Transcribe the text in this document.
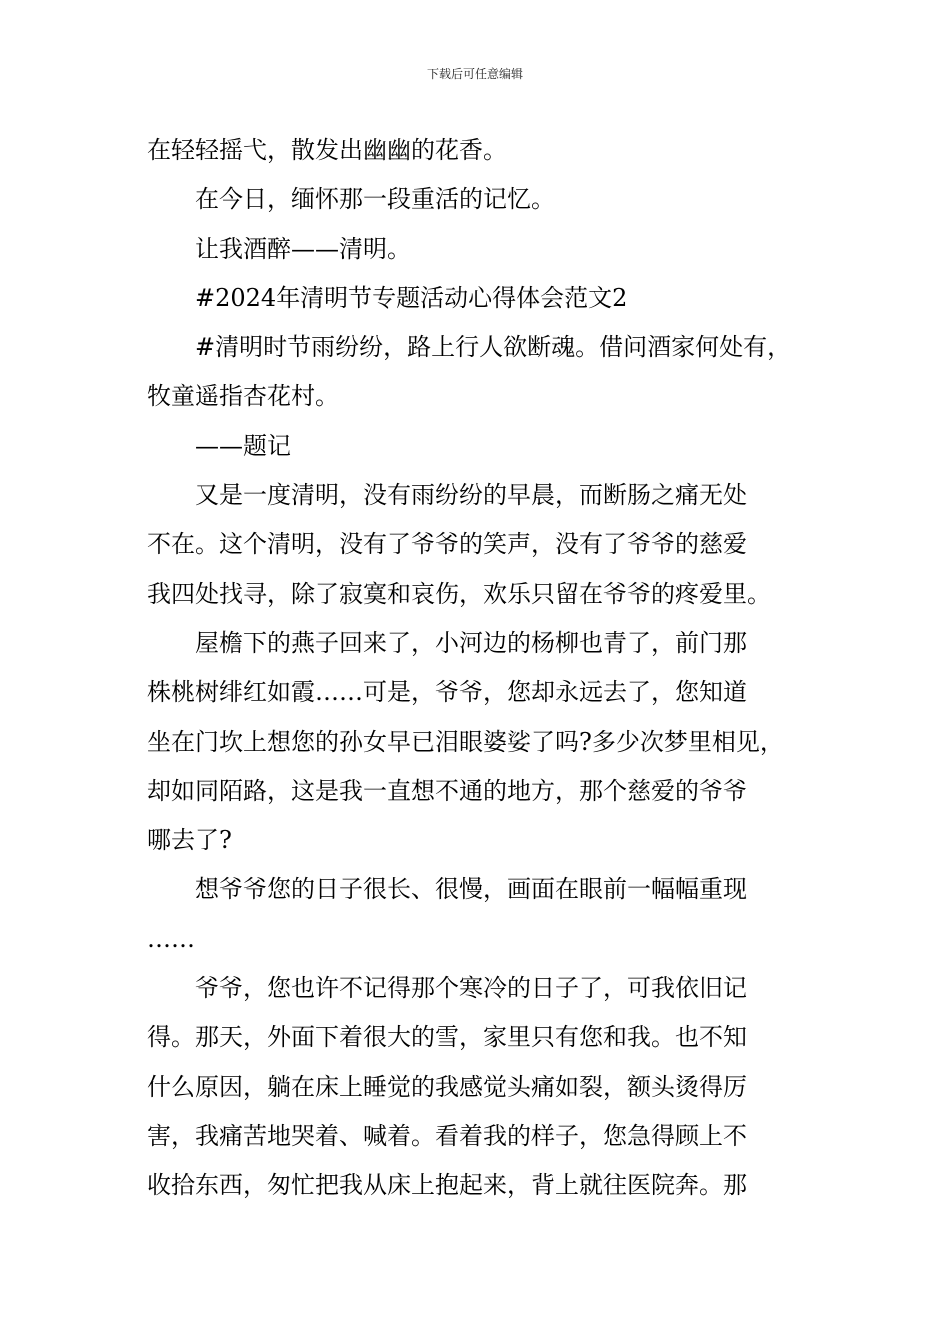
下载后可任意编辑
在轻轻摇弋，散发出幽幽的花香。
在今日，缅怀那一段重活的记忆。
让我酒醉——清明。
#2024年清明节专题活动心得体会范文2
#清明时节雨纷纷，路上行人欲断魂。借问酒家何处有，
牧童遥指杏花村。
——题记
又是一度清明，没有雨纷纷的早晨，而断肠之痛无处
不在。这个清明，没有了爷爷的笑声，没有了爷爷的慈爱
我四处找寻，除了寂寞和哀伤，欢乐只留在爷爷的疼爱里。
屋檐下的燕子回来了，小河边的杨柳也青了，前门那
株桃树绯红如霞……可是，爷爷，您却永远去了，您知道
坐在门坎上想您的孙女早已泪眼婆娑了吗?多少次梦里相见，
却如同陌路，这是我一直想不通的地方，那个慈爱的爷爷
哪去了?
想爷爷您的日子很长、很慢，画面在眼前一幅幅重现
……
爷爷，您也许不记得那个寒冷的日子了，可我依旧记
得。那天，外面下着很大的雪，家里只有您和我。也不知
什么原因，躺在床上睡觉的我感觉头痛如裂，额头烫得厉
害，我痛苦地哭着、喊着。看着我的样子，您急得顾上不
收拾东西，匆忙把我从床上抱起来，背上就往医院奔。那
